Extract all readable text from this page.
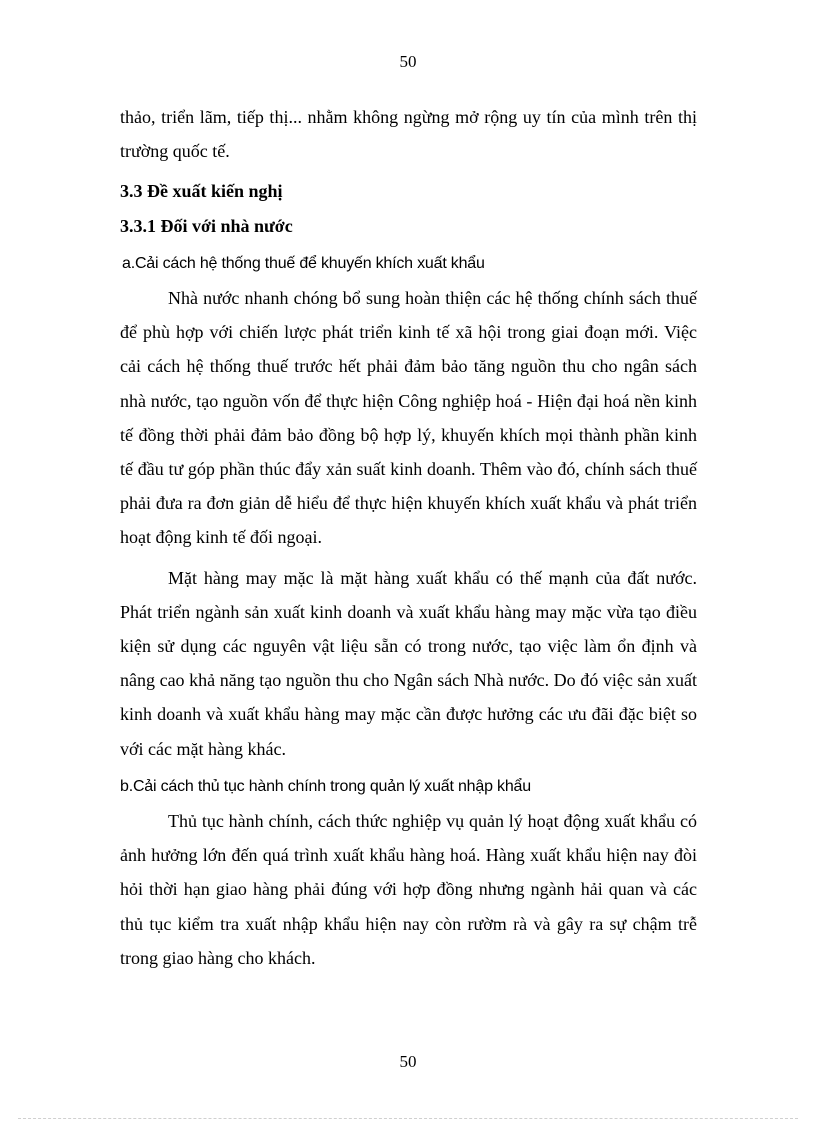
50

thảo, triển lãm, tiếp thị... nhằm không ngừng mở rộng uy tín của mình trên thị trường quốc tế.

3.3 Đề xuất kiến nghị

3.3.1 Đối với nhà nước

a.Cải cách hệ thống thuế để khuyến khích xuất khẩu

Nhà nước nhanh chóng bổ sung hoàn thiện các hệ thống chính sách thuế để phù hợp với chiến lược phát triển kinh tế xã hội trong giai đoạn mới. Việc cải cách hệ thống thuế trước hết phải đảm bảo tăng nguồn thu cho ngân sách nhà nước, tạo nguồn vốn để thực hiện Công nghiệp hoá - Hiện đại hoá nền kinh tế đồng thời phải đảm bảo đồng bộ hợp lý, khuyến khích mọi thành phần kinh tế đầu tư góp phần thúc đẩy xản suất kinh doanh. Thêm vào đó, chính sách thuế phải đưa ra đơn giản dễ hiểu để thực hiện khuyến khích xuất khẩu và phát triển hoạt động kinh tế đối ngoại.

Mặt hàng may mặc là mặt hàng xuất khẩu có thế mạnh của đất nước. Phát triển ngành sản xuất kinh doanh và xuất khẩu hàng may mặc vừa tạo điều kiện sử dụng các nguyên vật liệu sẵn có trong nước, tạo việc làm ổn định và nâng cao khả năng tạo nguồn thu cho Ngân sách Nhà nước. Do đó việc sản xuất kinh doanh và xuất khẩu hàng may mặc cần được hưởng các ưu đãi đặc biệt so với các mặt hàng khác.

b.Cải cách thủ tục hành chính trong quản lý xuất nhập khẩu

Thủ tục hành chính, cách thức nghiệp vụ quản lý hoạt động xuất khẩu có ảnh hưởng lớn đến quá trình xuất khẩu hàng hoá. Hàng xuất khẩu hiện nay đòi hỏi thời hạn giao hàng phải đúng với hợp đồng nhưng ngành hải quan và các thủ tục kiểm tra xuất nhập khẩu hiện nay còn rườm rà và gây ra sự chậm trễ trong giao hàng cho khách.

50
